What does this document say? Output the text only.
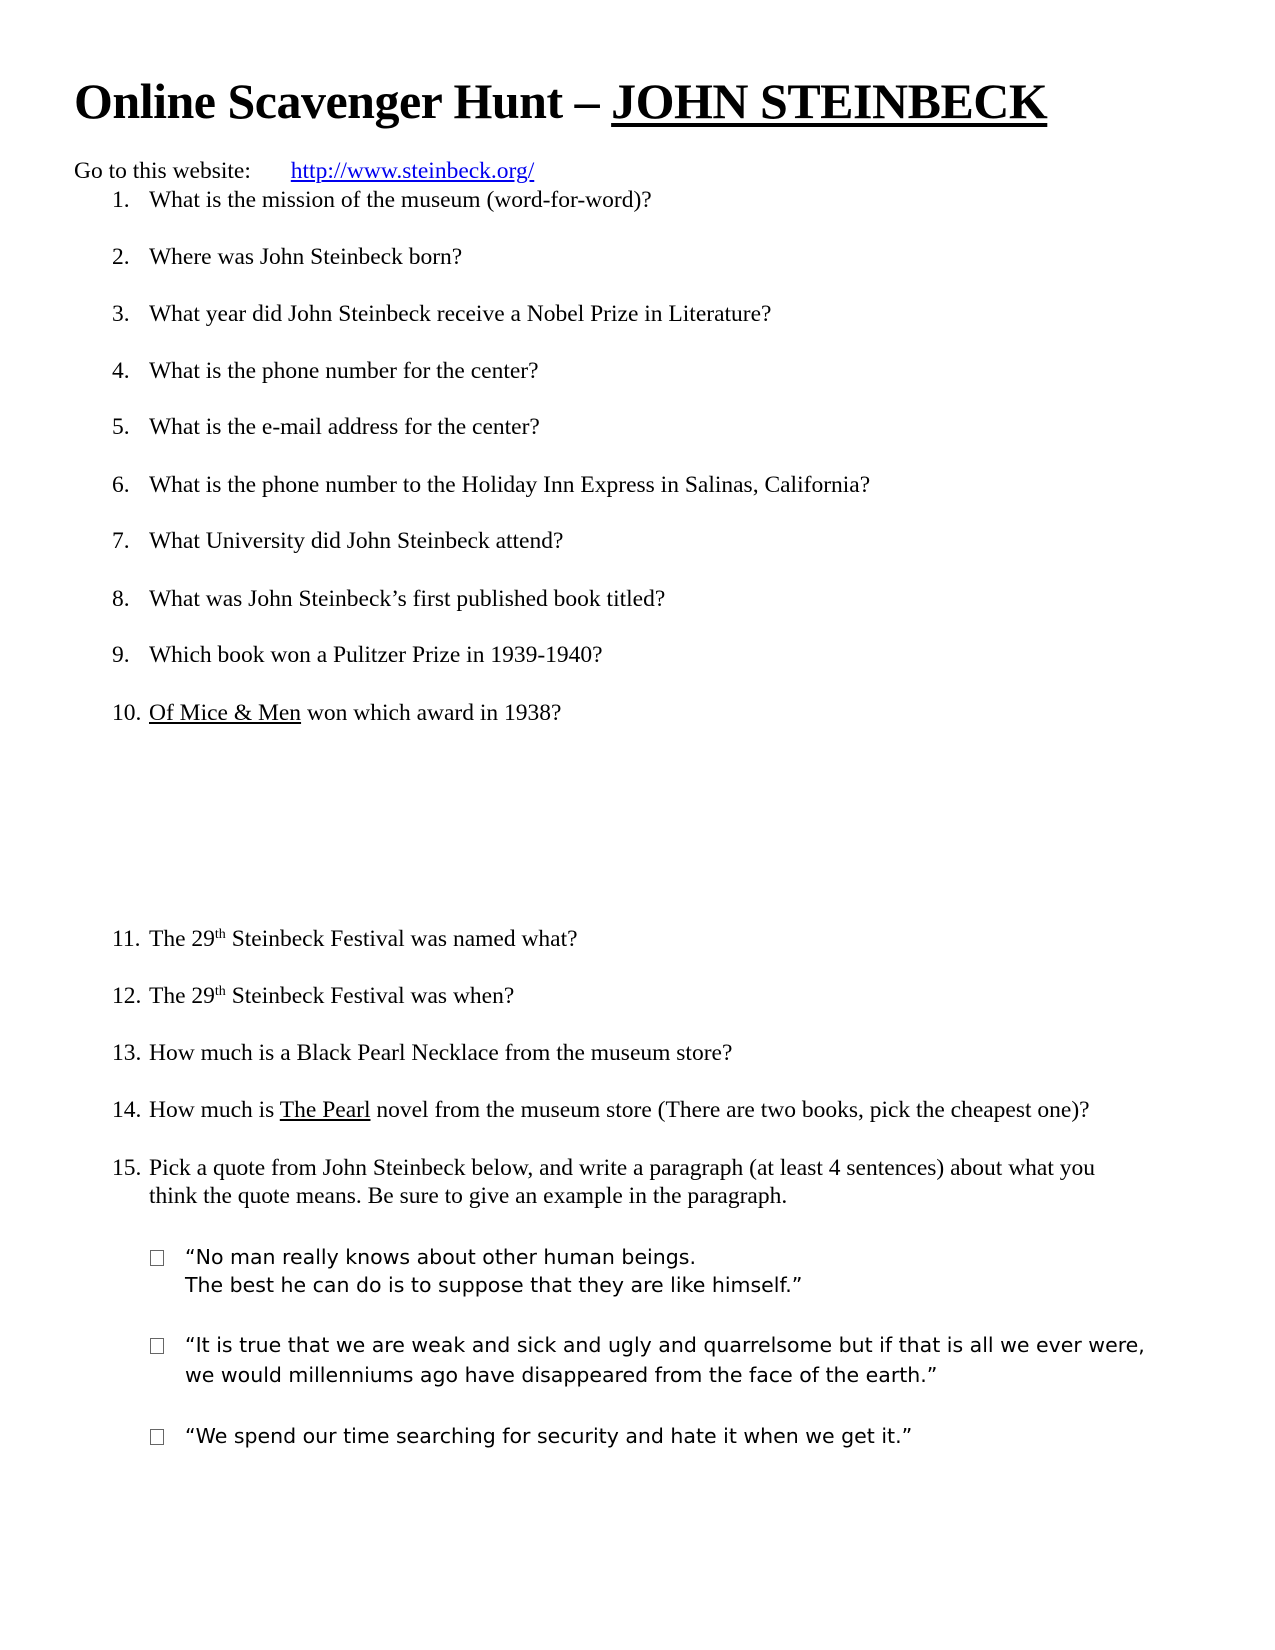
Online Scavenger Hunt – JOHN STEINBECK
Go to this website: http://www.steinbeck.org/
1. What is the mission of the museum (word-for-word)?
2. Where was John Steinbeck born?
3. What year did John Steinbeck receive a Nobel Prize in Literature?
4. What is the phone number for the center?
5. What is the e-mail address for the center?
6. What is the phone number to the Holiday Inn Express in Salinas, California?
7. What University did John Steinbeck attend?
8. What was John Steinbeck’s first published book titled?
9. Which book won a Pulitzer Prize in 1939-1940?
10. Of Mice & Men won which award in 1938?
11. The 29th Steinbeck Festival was named what?
12. The 29th Steinbeck Festival was when?
13. How much is a Black Pearl Necklace from the museum store?
14. How much is The Pearl novel from the museum store (There are two books, pick the cheapest one)?
15. Pick a quote from John Steinbeck below, and write a paragraph (at least 4 sentences) about what you
think the quote means. Be sure to give an example in the paragraph.
“No man really knows about other human beings.
The best he can do is to suppose that they are like himself.”
“It is true that we are weak and sick and ugly and quarrelsome but if that is all we ever were,
we would millenniums ago have disappeared from the face of the earth.”
“We spend our time searching for security and hate it when we get it.”
